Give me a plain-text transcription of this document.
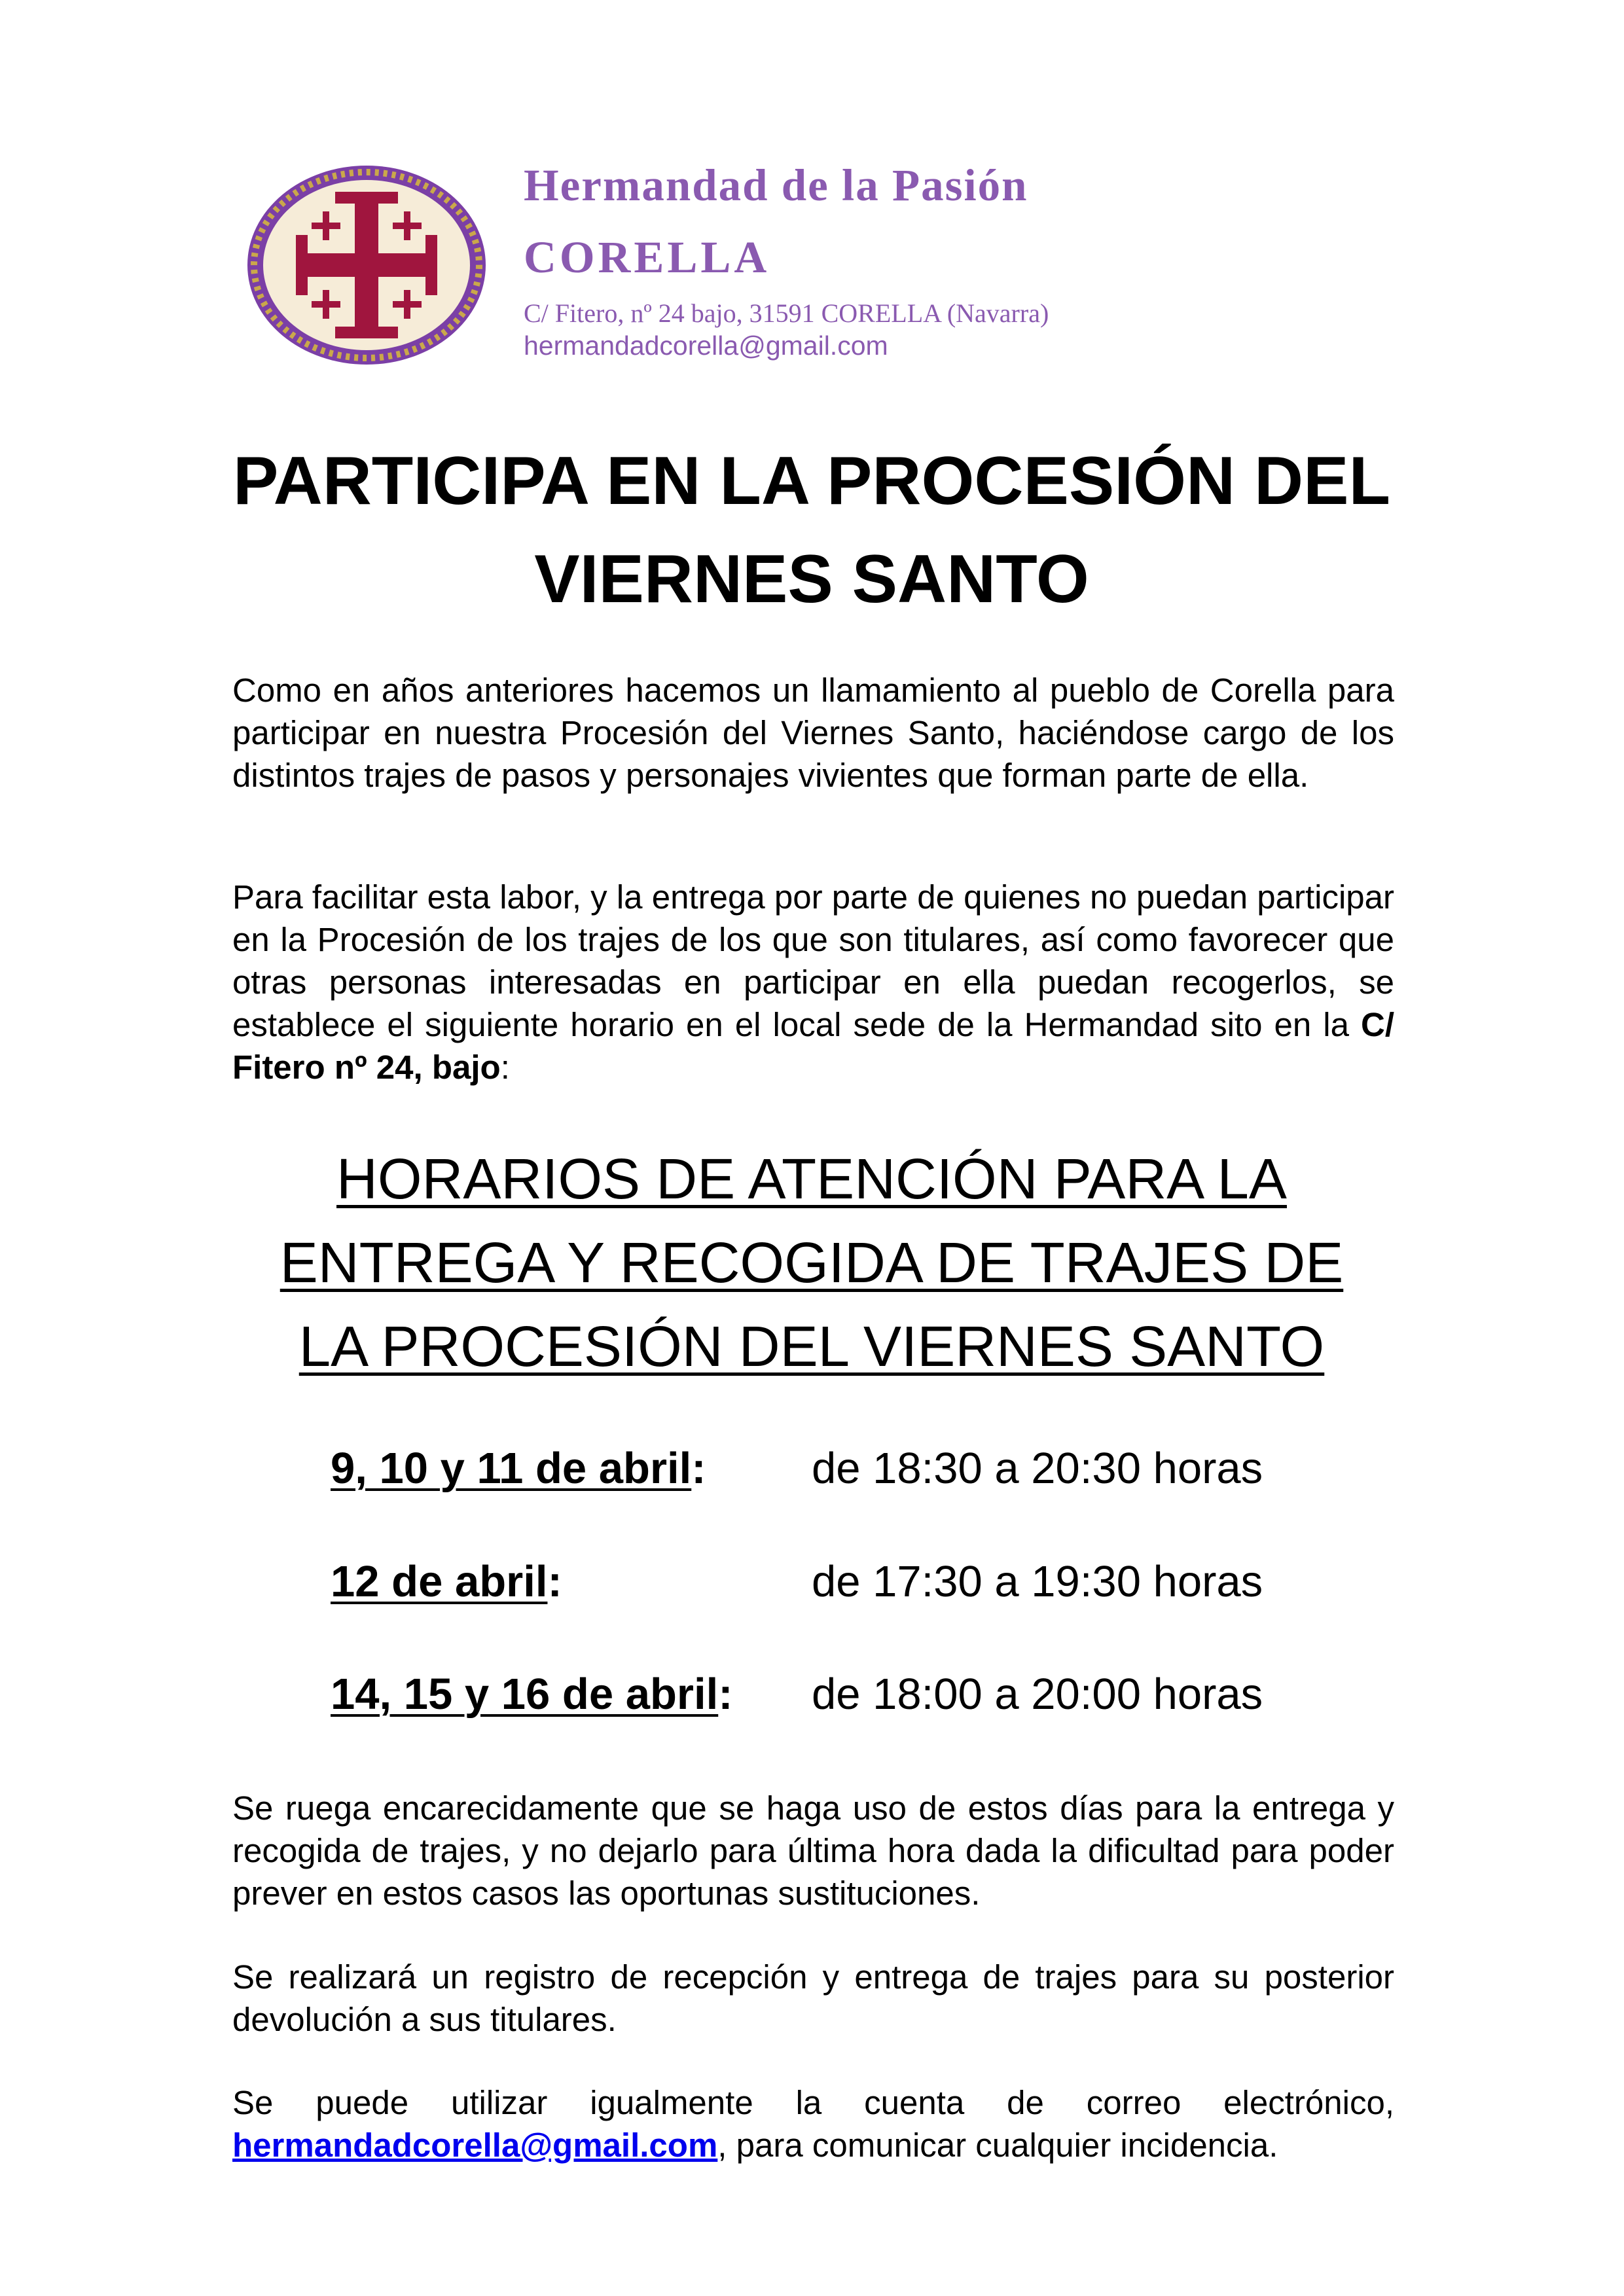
Hermandad de la Pasión
CORELLA
C/ Fitero, nº 24 bajo, 31591 CORELLA (Navarra)
hermandadcorella@gmail.com
PARTICIPA EN LA PROCESIÓN DEL
VIERNES SANTO
Como en años anteriores hacemos un llamamiento al pueblo de Corella para participar en nuestra Procesión del Viernes Santo, haciéndose cargo de los distintos trajes de pasos y personajes vivientes que forman parte de ella.
Para facilitar esta labor, y la entrega por parte de quienes no puedan participar en la Procesión de los trajes de los que son titulares, así como favorecer que otras personas interesadas en participar en ella puedan recogerlos, se establece el siguiente horario en el local sede de la Hermandad sito en la C/ Fitero nº 24, bajo:
HORARIOS DE ATENCIÓN PARA LA
ENTREGA Y RECOGIDA DE TRAJES DE
LA PROCESIÓN DEL VIERNES SANTO
9, 10 y 11 de abril: de 18:30 a 20:30 horas
12 de abril:	de 17:30 a 19:30 horas
14, 15 y 16 de abril: de 18:00 a 20:00 horas
Se ruega encarecidamente que se haga uso de estos días para la entrega y recogida de trajes, y no dejarlo para última hora dada la dificultad para poder prever en estos casos las oportunas sustituciones.
Se realizará un registro de recepción y entrega de trajes para su posterior devolución a sus titulares.
Se puede utilizar igualmente la cuenta de correo electrónico, hermandadcorella@gmail.com, para comunicar cualquier incidencia.
